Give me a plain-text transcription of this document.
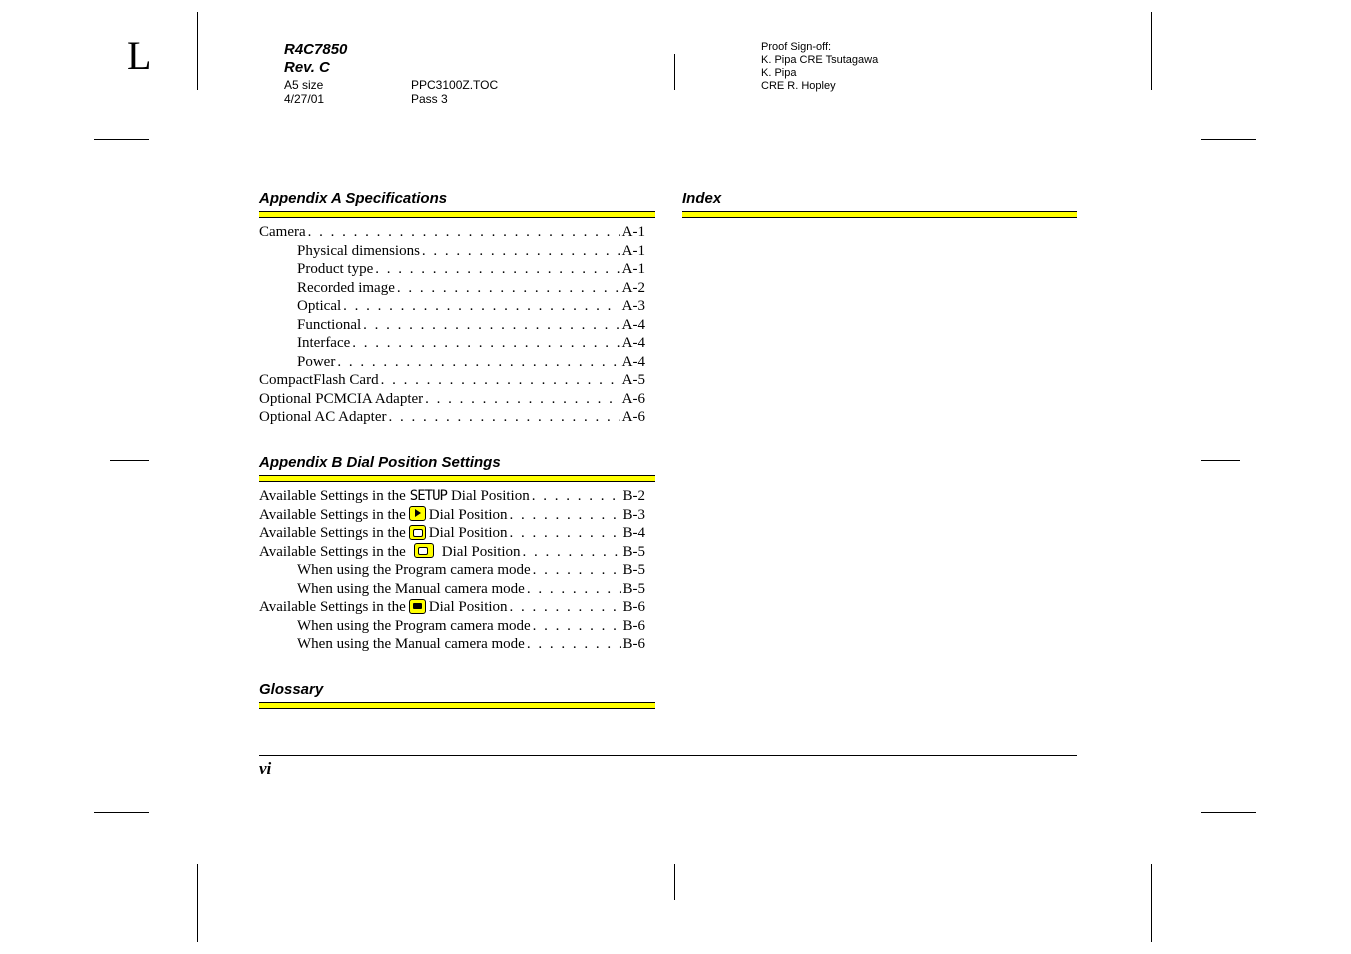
L	R4C7850
Rev. C
A5 size
4/27/01
PPC3100Z.TOC
Pass 3
Proof Sign-off:
K. Pipa CRE Tsutagawa
K. Pipa
CRE R. Hopley
Appendix A Specifications
Camera . . .	A-1
Physical dimensions . . .	A-1
Product type . . .	A-1
Recorded image . . .	A-2
Optical . . .	A-3
Functional . . .	A-4
Interface . . .	A-4
Power . . .	A-4
CompactFlash Card . . .	A-5
Optional PCMCIA Adapter . . .	A-6
Optional AC Adapter . . .	A-6
Index
Appendix B Dial Position Settings
Available Settings in the SETUP Dial Position . . .	B-2
Available Settings in the Dial Position . . .	B-3
Available Settings in the Dial Position . . .	B-4
Available Settings in the Dial Position . . .	B-5
When using the Program camera mode . . .	B-5
When using the Manual camera mode . . .	B-5
Available Settings in the Dial Position . . .	B-6
When using the Program camera mode . . .	B-6
When using the Manual camera mode . . .	B-6
Glossary
vi
